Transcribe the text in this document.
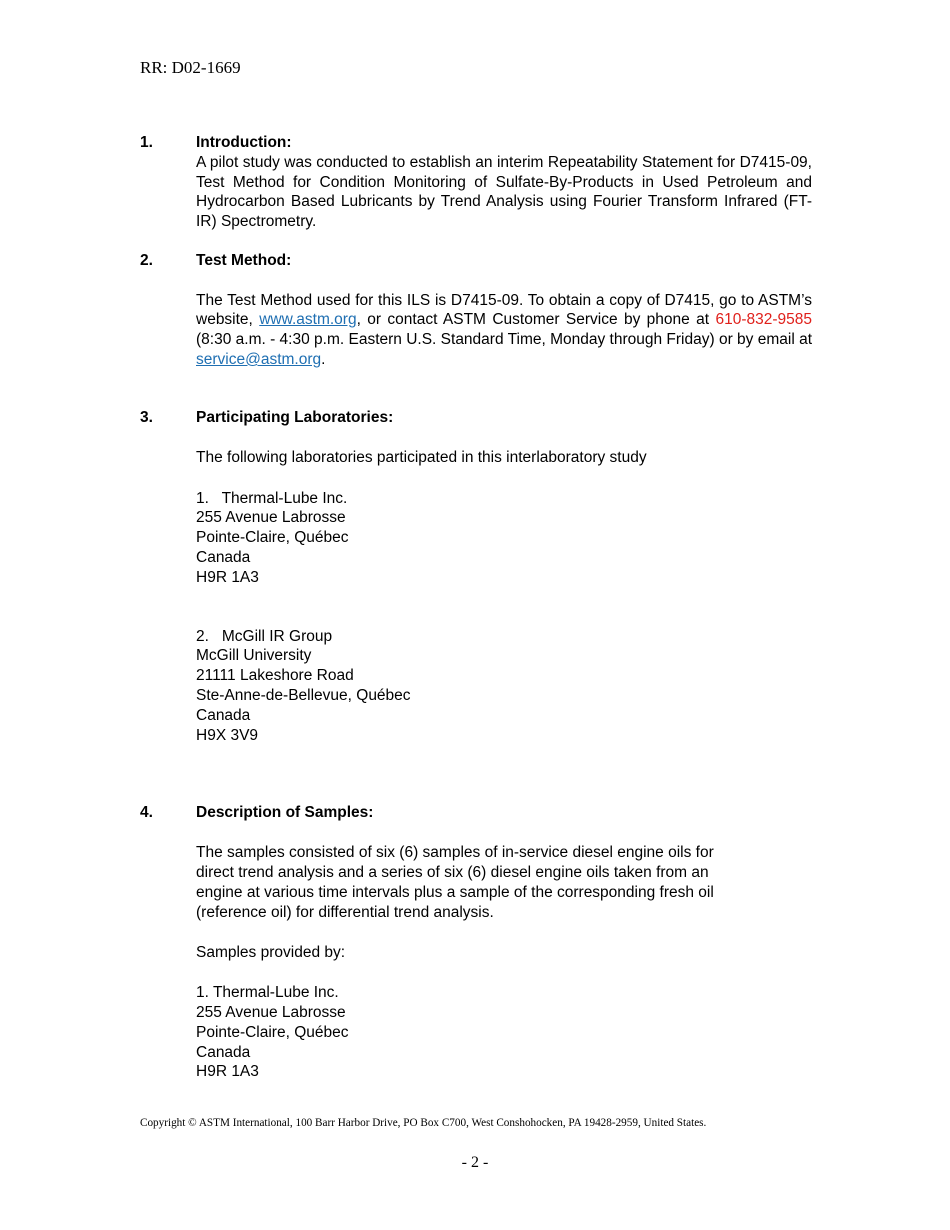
RR: D02-1669
1.	Introduction:

A pilot study was conducted to establish an interim Repeatability Statement for D7415-09, Test Method for Condition Monitoring of Sulfate-By-Products in Used Petroleum and Hydrocarbon Based Lubricants by Trend Analysis using Fourier Transform Infrared (FT-IR) Spectrometry.

2.	Test Method:

The Test Method used for this ILS is D7415-09. To obtain a copy of D7415, go to ASTM’s website, www.astm.org, or contact ASTM Customer Service by phone at 610-832-9585 (8:30 a.m. - 4:30 p.m. Eastern U.S. Standard Time, Monday through Friday) or by email at service@astm.org.

3.	Participating Laboratories:

The following laboratories participated in this interlaboratory study

1.   Thermal-Lube Inc.
255 Avenue Labrosse
Pointe-Claire, Québec
Canada
H9R 1A3
2.   McGill IR Group
McGill University
21111 Lakeshore Road
Ste-Anne-de-Bellevue, Québec
Canada
H9X 3V9
4.	Description of Samples:
The samples consisted of six (6) samples of in-service diesel engine oils for
direct trend analysis and a series of six (6) diesel engine oils taken from an
engine at various time intervals plus a sample of the corresponding fresh oil
(reference oil) for differential trend analysis.

Samples provided by:

1. Thermal-Lube Inc.
255 Avenue Labrosse
Pointe-Claire, Québec
Canada
H9R 1A3
Copyright © ASTM International, 100 Barr Harbor Drive, PO Box C700, West Conshohocken, PA 19428-2959, United States.
- 2 -
